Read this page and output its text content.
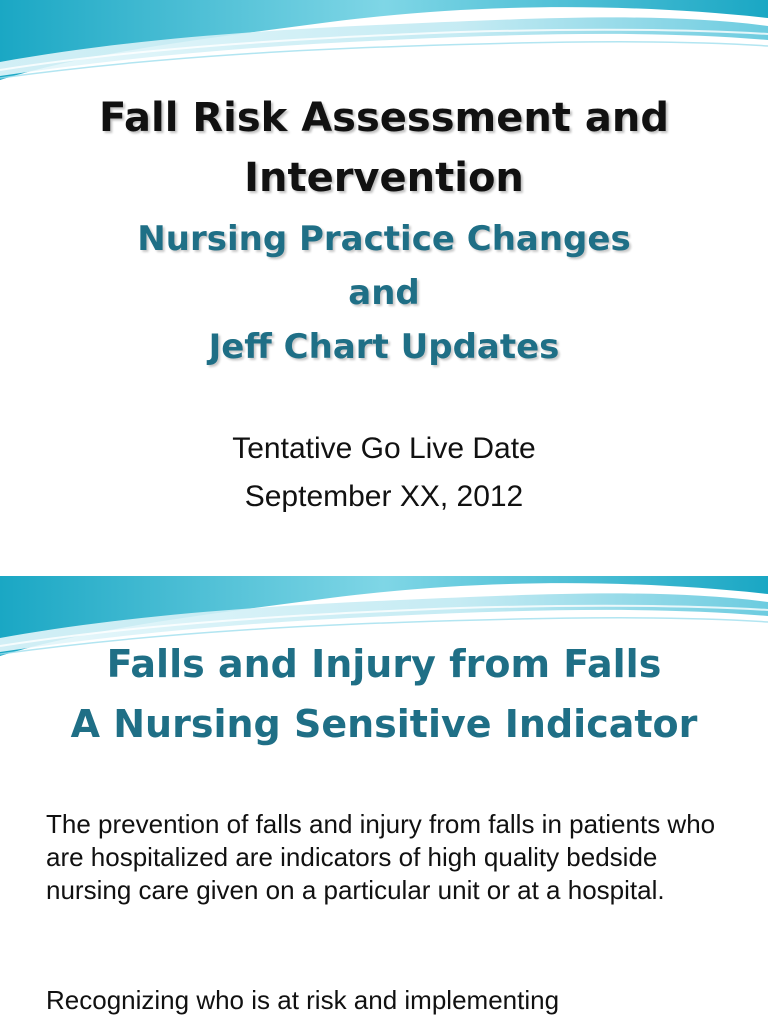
Fall Risk Assessment and
Intervention
Nursing Practice Changes
and
Jeff Chart Updates
Tentative Go Live Date
September XX, 2012
Falls and Injury from Falls
A Nursing Sensitive Indicator

The prevention of falls and injury from falls in patients who are hospitalized are indicators of high quality bedside nursing care given on a particular unit or at a hospital.

Recognizing who is at risk and implementing
